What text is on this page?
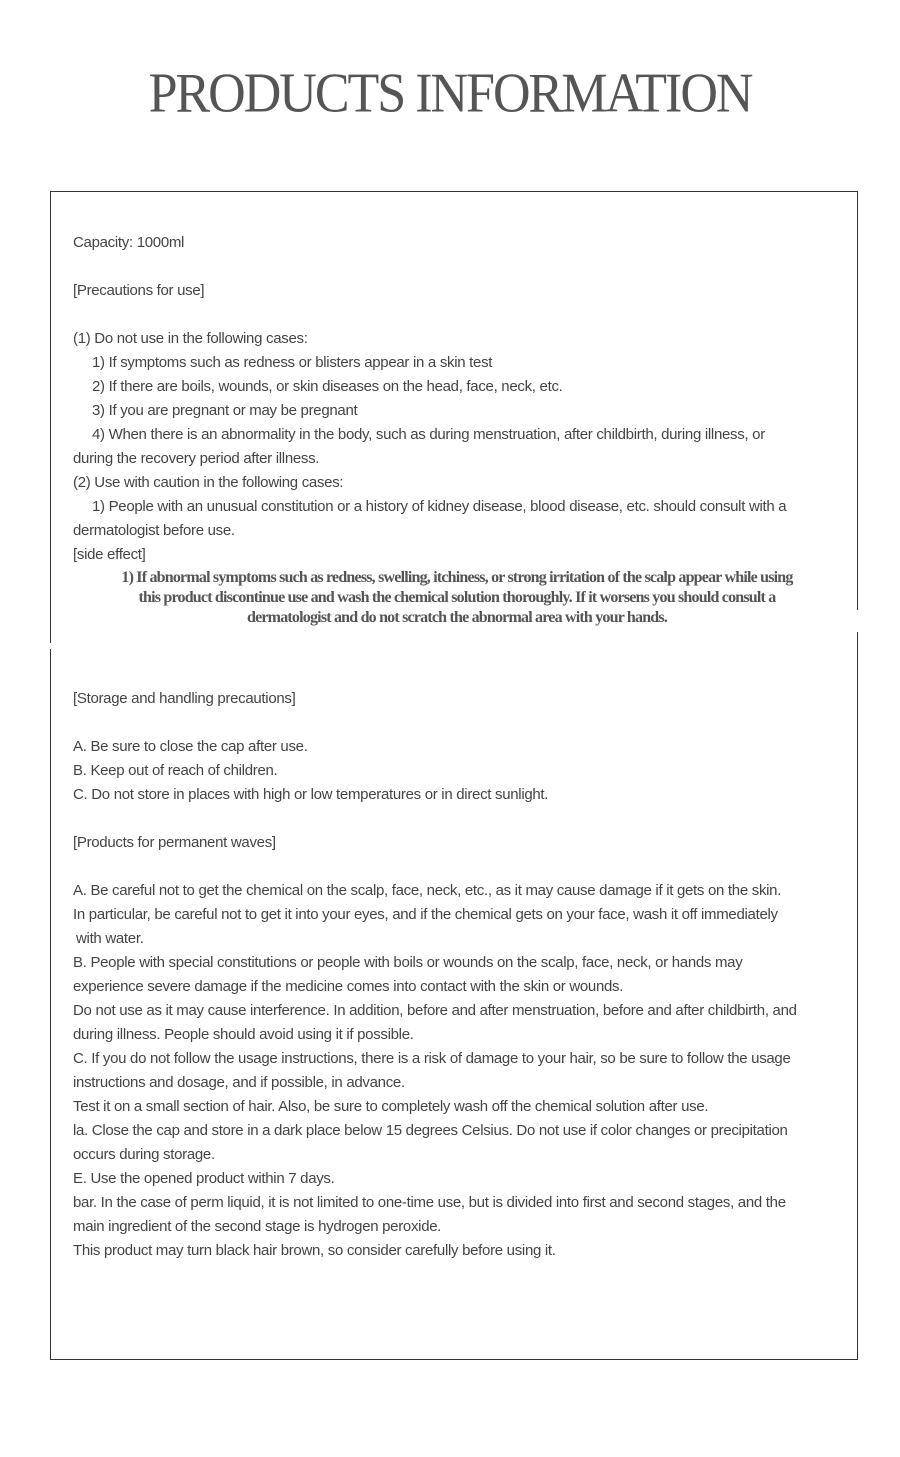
PRODUCTS INFORMATION
Capacity: 1000ml
[Precautions for use]
(1) Do not use in the following cases:
1) If symptoms such as redness or blisters appear in a skin test
2) If there are boils, wounds, or skin diseases on the head, face, neck, etc.
3) If you are pregnant or may be pregnant
4) When there is an abnormality in the body, such as during menstruation, after childbirth, during illness, or
during the recovery period after illness.
(2) Use with caution in the following cases:
1) People with an unusual constitution or a history of kidney disease, blood disease, etc. should consult with a
dermatologist before use.
[side effect]
1) If abnormal symptoms such as redness, swelling, itchiness, or strong irritation of the scalp appear while using
this product discontinue use and wash the chemical solution thoroughly. If it worsens you should consult a
dermatologist and do not scratch the abnormal area with your hands.
[Storage and handling precautions]
A. Be sure to close the cap after use.
B. Keep out of reach of children.
C. Do not store in places with high or low temperatures or in direct sunlight.
[Products for permanent waves]
A. Be careful not to get the chemical on the scalp, face, neck, etc., as it may cause damage if it gets on the skin.
In particular, be careful not to get it into your eyes, and if the chemical gets on your face, wash it off immediately
with water.
B. People with special constitutions or people with boils or wounds on the scalp, face, neck, or hands may
experience severe damage if the medicine comes into contact with the skin or wounds.
Do not use as it may cause interference. In addition, before and after menstruation, before and after childbirth, and
during illness. People should avoid using it if possible.
C. If you do not follow the usage instructions, there is a risk of damage to your hair, so be sure to follow the usage
instructions and dosage, and if possible, in advance.
Test it on a small section of hair. Also, be sure to completely wash off the chemical solution after use.
la. Close the cap and store in a dark place below 15 degrees Celsius. Do not use if color changes or precipitation
occurs during storage.
E. Use the opened product within 7 days.
bar. In the case of perm liquid, it is not limited to one-time use, but is divided into first and second stages, and the
main ingredient of the second stage is hydrogen peroxide.
This product may turn black hair brown, so consider carefully before using it.
